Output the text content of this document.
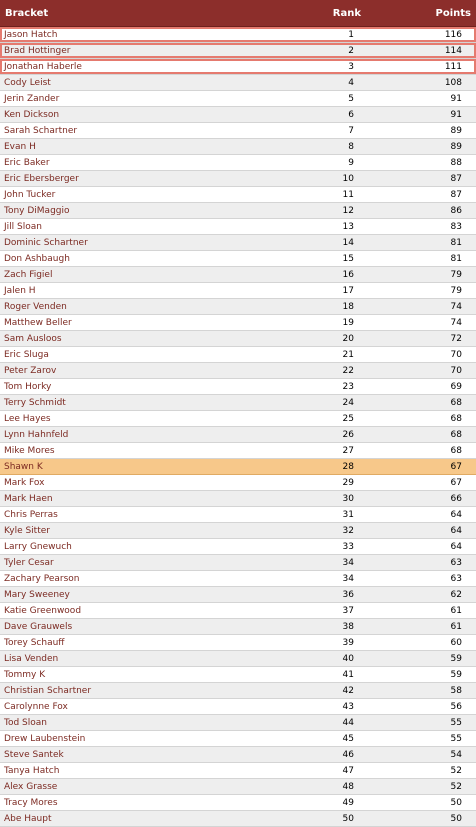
Bracket	Rank	Points
Jason Hatch	1	116
Brad Hottinger	2	114
Jonathan Haberle	3	111
Cody Leist	4	108
Jerin Zander	5	91
Ken Dickson	6	91
Sarah Schartner	7	89
Evan H	8	89
Eric Baker	9	88
Eric Ebersberger	10	87
John Tucker	11	87
Tony DiMaggio	12	86
Jill Sloan	13	83
Dominic Schartner	14	81
Don Ashbaugh	15	81
Zach Figiel	16	79
Jalen H	17	79
Roger Venden	18	74
Matthew Beller	19	74
Sam Ausloos	20	72
Eric Sluga	21	70
Peter Zarov	22	70
Tom Horky	23	69
Terry Schmidt	24	68
Lee Hayes	25	68
Lynn Hahnfeld	26	68
Mike Mores	27	68
Shawn K	28	67
Mark Fox	29	67
Mark Haen	30	66
Chris Perras	31	64
Kyle Sitter	32	64
Larry Gnewuch	33	64
Tyler Cesar	34	63
Zachary Pearson	34	63
Mary Sweeney	36	62
Katie Greenwood	37	61
Dave Grauwels	38	61
Torey Schauff	39	60
Lisa Venden	40	59
Tommy K	41	59
Christian Schartner	42	58
Carolynne Fox	43	56
Tod Sloan	44	55
Drew Laubenstein	45	55
Steve Santek	46	54
Tanya Hatch	47	52
Alex Grasse	48	52
Tracy Mores	49	50
Abe Haupt	50	50
